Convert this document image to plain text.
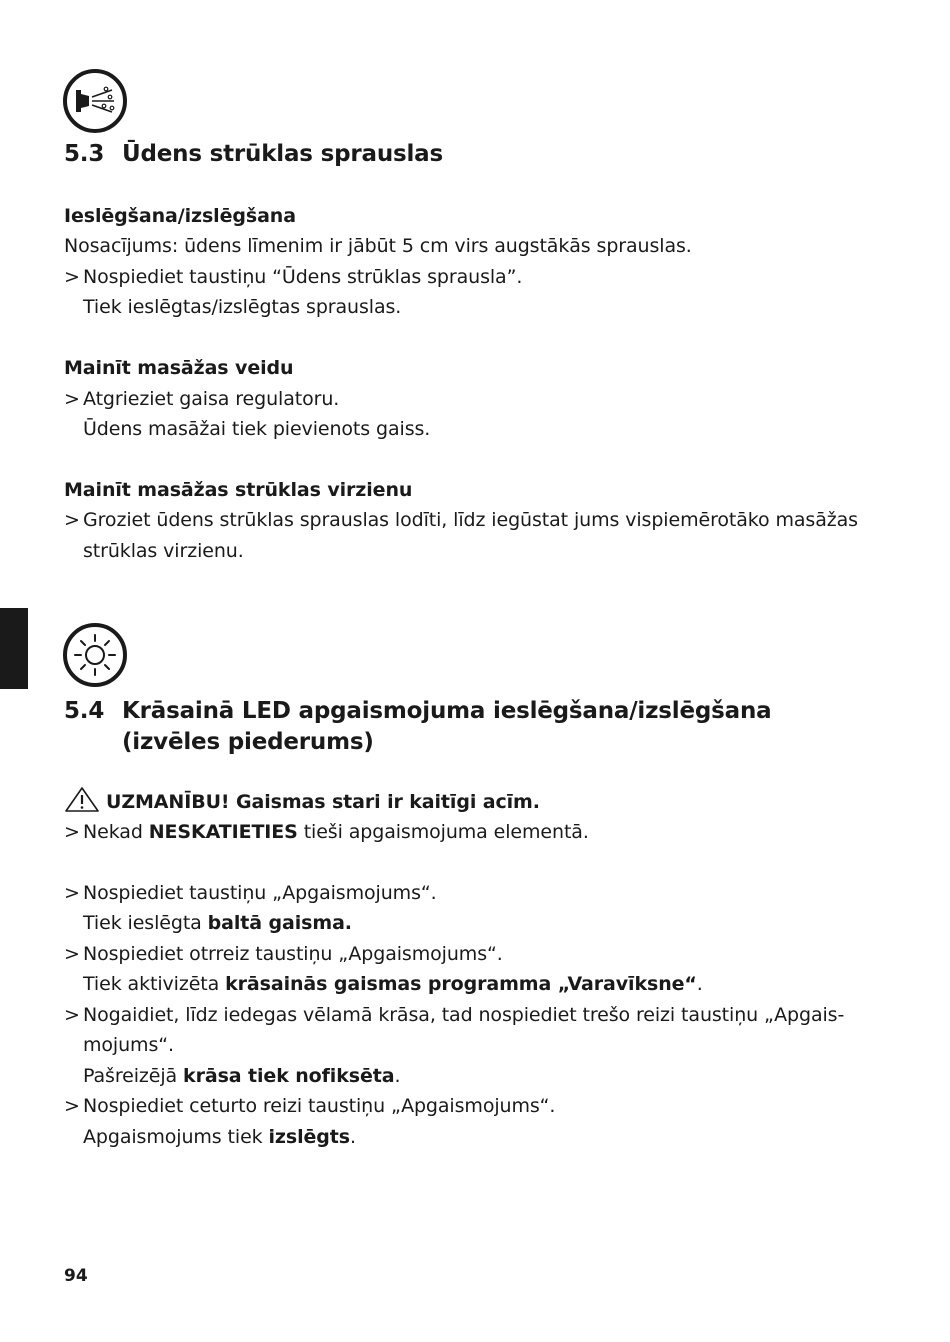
5.3 Ūdens strūklas sprauslas
Ieslēgšana/izslēgšana
Nosacījums: ūdens līmenim ir jābūt 5 cm virs augstākās sprauslas.
> Nospiediet taustiņu “Ūdens strūklas sprausla”.
Tiek ieslēgtas/izslēgtas sprauslas.
Mainīt masāžas veidu
> Atgrieziet gaisa regulatoru.
Ūdens masāžai tiek pievienots gaiss.
Mainīt masāžas strūklas virzienu
> Groziet ūdens strūklas sprauslas lodīti, līdz iegūstat jums vispiemērotāko masāžas
strūklas virzienu.
5.4 Krāsainā LED apgaismojuma ieslēgšana/izslēgšana
(izvēles piederums)
UZMANĪBU! Gaismas stari ir kaitīgi acīm.
> Nekad NESKATIETIES tieši apgaismojuma elementā.
> Nospiediet taustiņu „Apgaismojums“.
Tiek ieslēgta baltā gaisma.
> Nospiediet otrreiz taustiņu „Apgaismojums“.
Tiek aktivizēta krāsainās gaismas programma „Varavīksne“.
> Nogaidiet, līdz iedegas vēlamā krāsa, tad nospiediet trešo reizi taustiņu „Apgais-
mojums“.
Pašreizējā krāsa tiek nofiksēta.
> Nospiediet ceturto reizi taustiņu „Apgaismojums“.
Apgaismojums tiek izslēgts.
94
